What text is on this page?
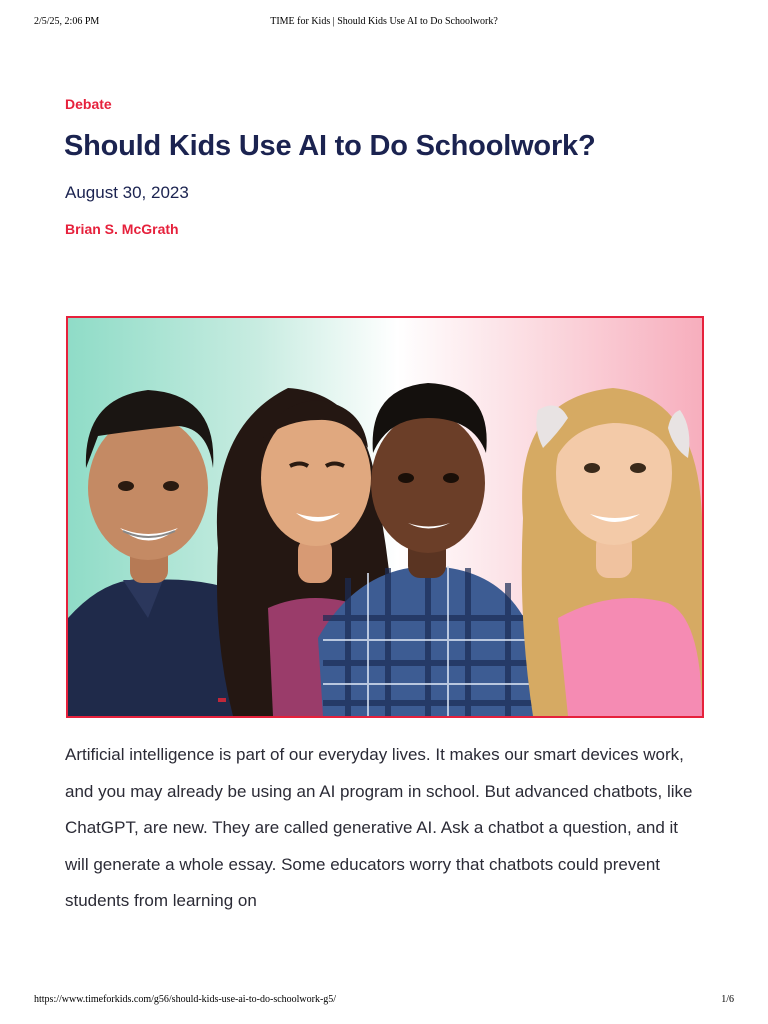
2/5/25, 2:06 PM	TIME for Kids | Should Kids Use AI to Do Schoolwork?
Debate
Should Kids Use AI to Do Schoolwork?
August 30, 2023
Brian S. McGrath

Artificial intelligence is part of our everyday lives. It makes our smart devices work, and you may already be using an AI program in school. But advanced chatbots, like ChatGPT, are new. They are called generative AI. Ask a chatbot a question, and it will generate a whole essay. Some educators worry that chatbots could prevent students from learning on

https://www.timeforkids.com/g56/should-kids-use-ai-to-do-schoolwork-g5/	1/6
